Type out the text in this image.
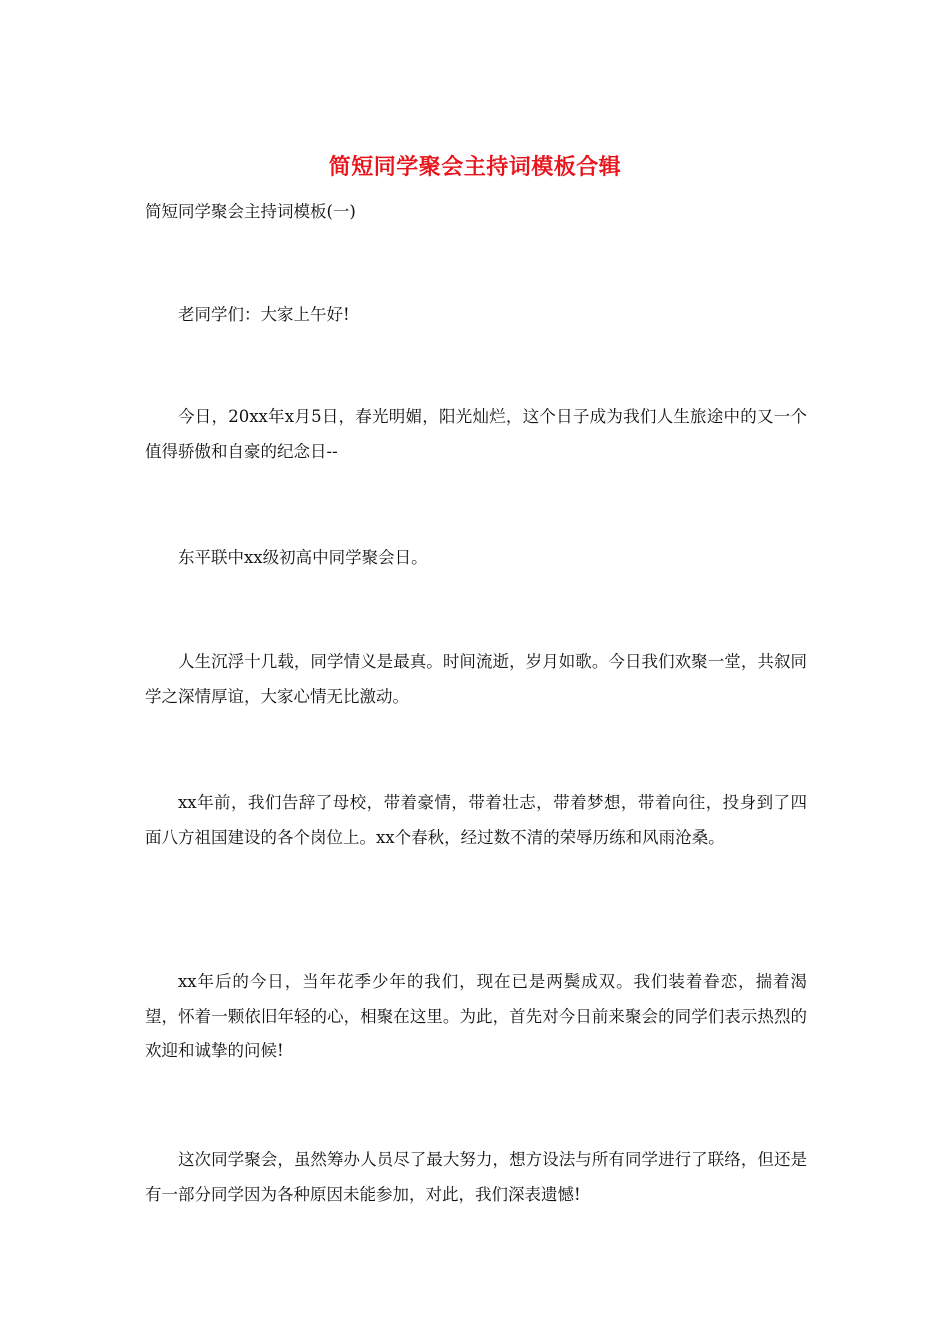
简短同学聚会主持词模板合辑
简短同学聚会主持词模板(一)

老同学们：大家上午好!

今日，20xx年x月5日，春光明媚，阳光灿烂，这个日子成为我们人生旅途中的又一个值得骄傲和自豪的纪念日--

东平联中xx级初高中同学聚会日。

人生沉浮十几载，同学情义是最真。时间流逝，岁月如歌。今日我们欢聚一堂，共叙同学之深情厚谊，大家心情无比激动。

xx年前，我们告辞了母校，带着豪情，带着壮志，带着梦想，带着向往，投身到了四面八方祖国建设的各个岗位上。xx个春秋，经过数不清的荣辱历练和风雨沧桑。

xx年后的今日，当年花季少年的我们，现在已是两鬓成双。我们装着眷恋，揣着渴望，怀着一颗依旧年轻的心，相聚在这里。为此，首先对今日前来聚会的同学们表示热烈的欢迎和诚挚的问候!

这次同学聚会，虽然筹办人员尽了最大努力，想方设法与所有同学进行了联络，但还是有一部分同学因为各种原因未能参加，对此，我们深表遗憾!
